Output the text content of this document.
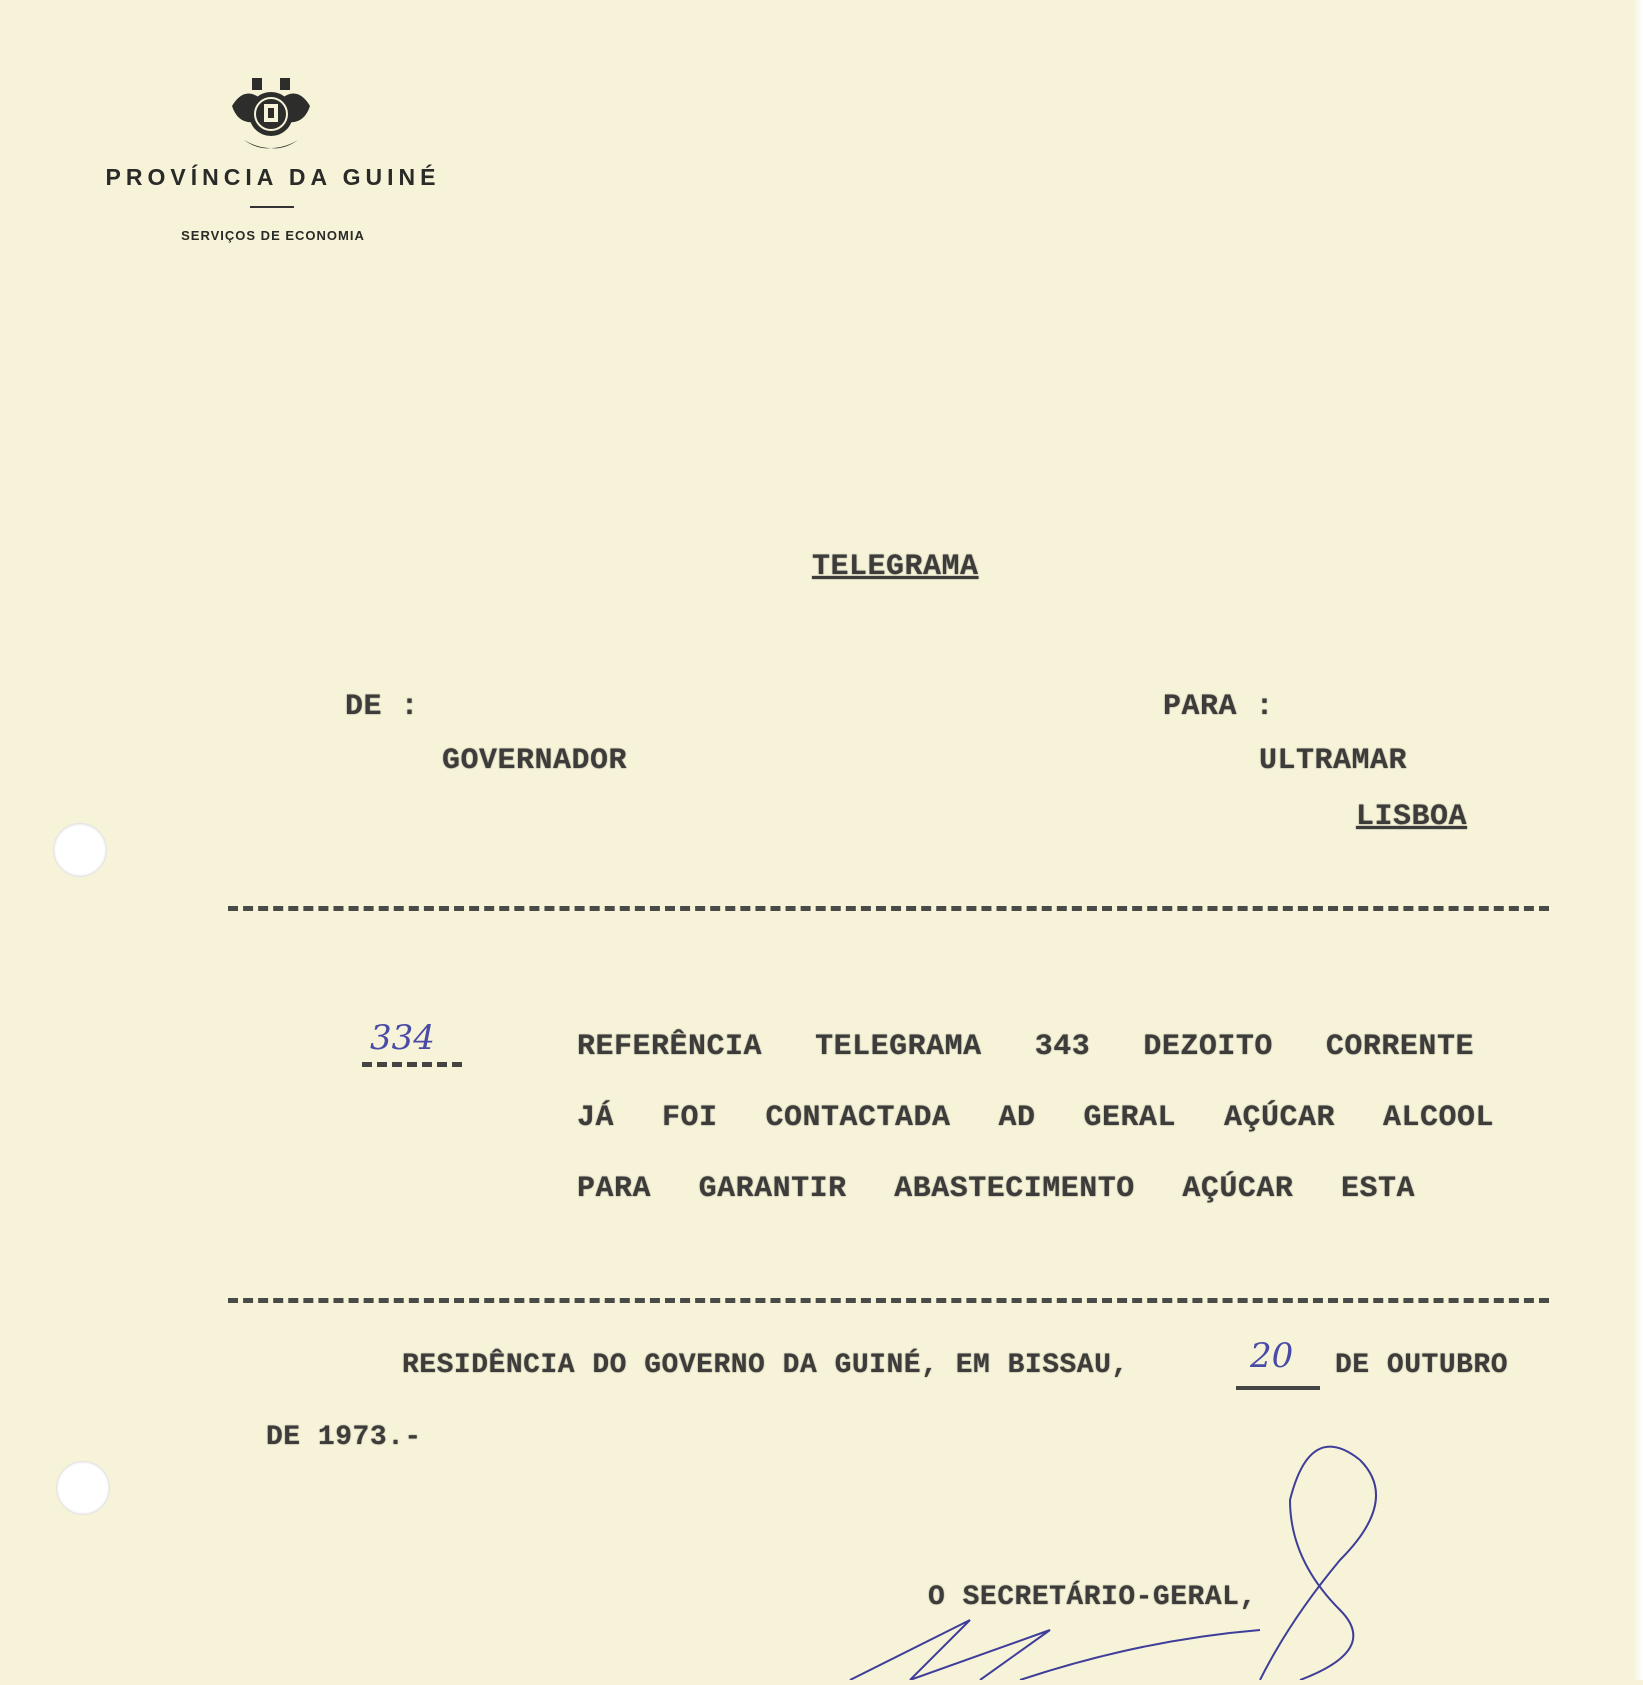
PROVÍNCIA DA GUINÉ
SERVIÇOS DE ECONOMIA
TELEGRAMA
DE :
GOVERNADOR
PARA :
ULTRAMAR
LISBOA
334	REFERÊNCIA TELEGRAMA 343 DEZOITO CORRENTE
JÁ FOI CONTACTADA AD GERAL AÇÚCAR ALCOOL
PARA GARANTIR ABASTECIMENTO AÇÚCAR ESTA
RESIDÊNCIA DO GOVERNO DA GUINÉ, EM BISSAU,	20 DE OUTUBRO
DE 1973.-
O SECRETÁRIO-GERAL,
